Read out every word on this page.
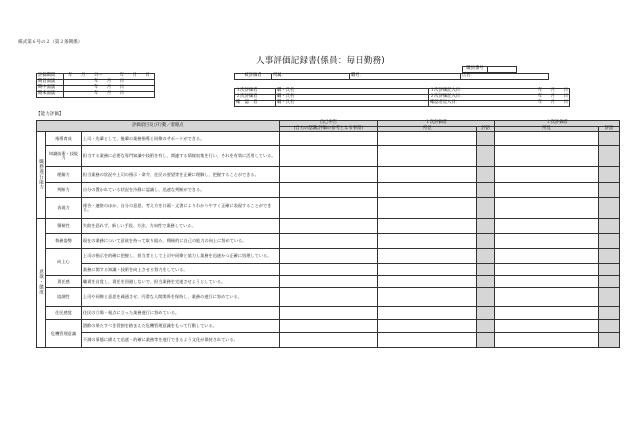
様式第６号の２（第２条関係）
人事評価記録書(係員：毎日勤務)
職員番号	
評価期間	年　　月　　日〜　　　　年　　月　　日
期首面談	年　　月　　日
期中面談	年　　月　　日
期末面談	年　　月　　日
被評価者	所属：	職名：	氏名：
１次評価者	職・氏名	１次評価記入日：	年　　月　　日
２次評価者	職・氏名	２次評価記入日：	年　　月　　日
確　認　者	職・氏名	確認者記入日：	年　　月　　日
【能力評価】
評価項目及び行動／着眼点			自己申告	１次評価者		２次評価者	
			(自らの認識,評価の参考となる事項)	所見	評語	所見	評語
職務遂行能力	指導育成	上司・先輩として、後輩の業務指導と同僚のサポートができる。					
	知識技術・技能力	担当する業務に必要な専門知識や技術を有し、関連する情報収集を行い、それを有効に活用している。					
	理解力	担当業務の状況や上司の指示・命令、住民の要望等を正確に理解し、把握することができる。					
	判断力	自分の置かれている状況を冷静に認識し、迅速な判断ができる。					
	表現力	報告・連絡のほか、自分の意思、考え方を口頭・文書によりわかりやすく正確に表現することができる。					
意欲・態度	積極性	失敗を恐れず、新しい手段、方法、方向性で業務している。					
	執務姿勢	現在の業務について意欲を持って取り組み、積極的に自己の能力の向上に努めている。					
	向上心	上司の指示を的確に把握し、担当者として上司や同僚と協力し業務を迅速かつ正確に処理している。					
		業務に関する知識・技術を向上させる努力をしている。					
	責任感	職責を自覚し、責任を回避しないで、担当業務を完遂させようとしている。					
	協調性	上司や同僚と意思を疎通させ、円滑な人間関係を保持し、業務の遂行に努めている。					
	住民感覚	住民の立場・視点に立った業務遂行に努めている。					
	危機管理意識	酒酔の果たすべき役割を踏まえた危機管理意識をもって行動している。					
		不測の事態に備えて迅速・的確に業務等を遂行できるよう文化が保持されている。					
